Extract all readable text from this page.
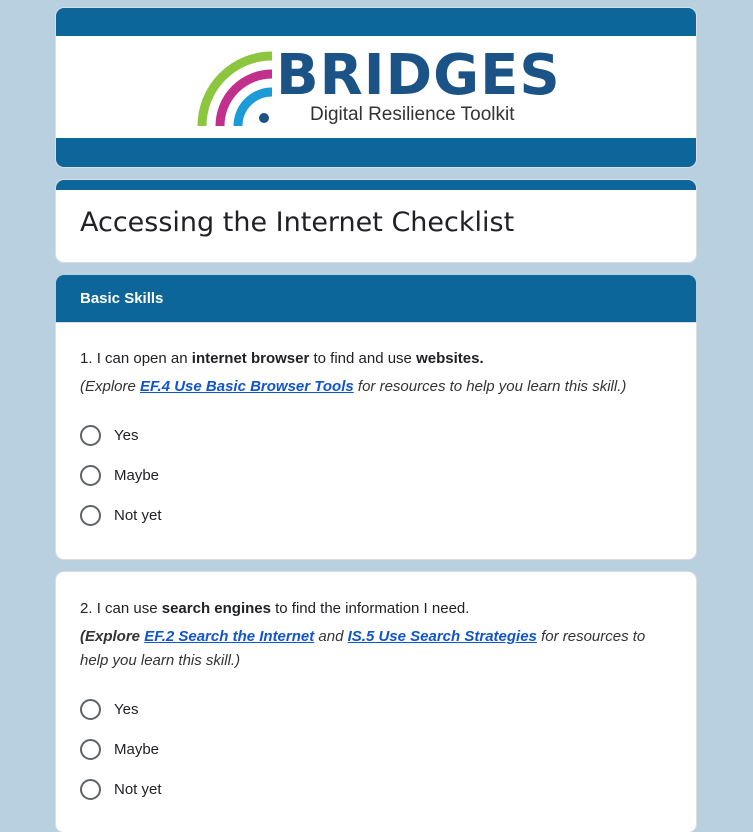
BRIDGES
Digital Resilience Toolkit
Accessing the Internet Checklist
Basic Skills
1. I can open an internet browser to find and use websites.
(Explore EF.4 Use Basic Browser Tools for resources to help you learn this skill.)
Yes
Maybe
Not yet
2. I can use search engines to find the information I need.
(Explore EF.2 Search the Internet and IS.5 Use Search Strategies for resources to help you learn this skill.)
Yes
Maybe
Not yet
